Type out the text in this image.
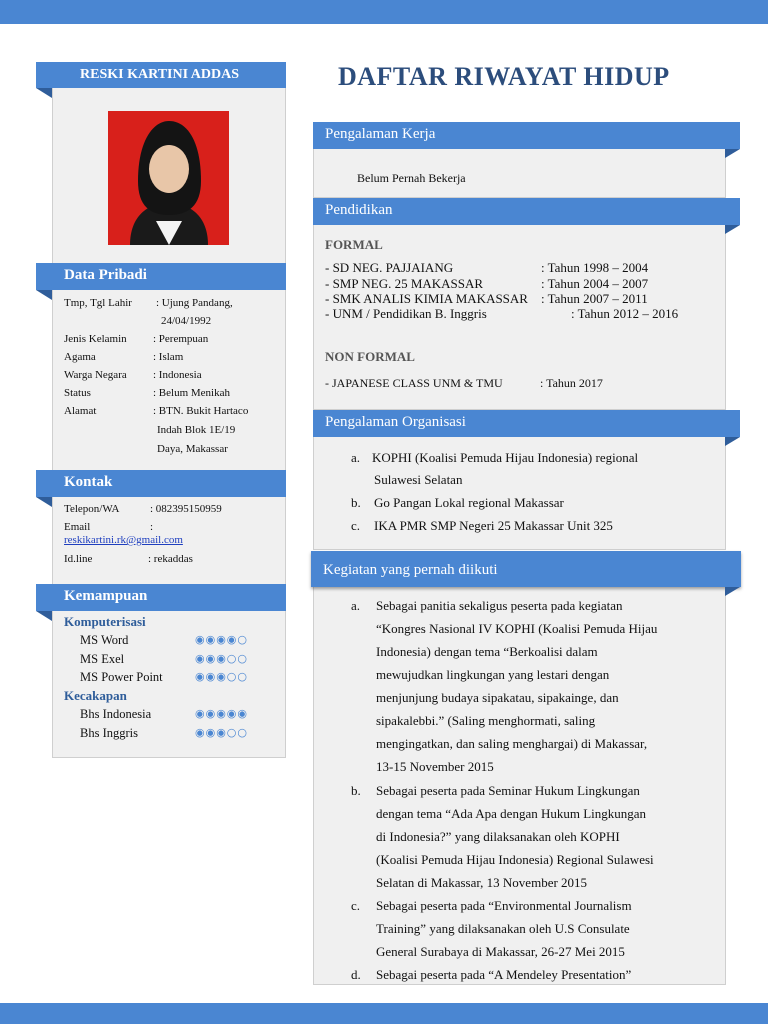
RESKI KARTINI ADDAS
Data Pribadi
Tmp, Tgl Lahir : Ujung Pandang,
24/04/1992
Jenis Kelamin : Perempuan
Agama	: Islam
Warga Negara : Indonesia
Status	: Belum Menikah
Alamat	: BTN. Bukit Hartaco
Indah Blok 1E/19
Daya, Makassar
Kontak
Telepon/WA	: 082395150959
Email	:
reskikartini.rk@gmail.com
Id.line	: rekaddas
Kemampuan
Komputerisasi
MS Word	◉◉◉◉○
MS Exel	◉◉◉○○
MS Power Point	◉◉◉○○
Kecakapan
Bhs Indonesia	◉◉◉◉◉
Bhs Inggris	◉◉◉○○
DAFTAR RIWAYAT HIDUP
Pengalaman Kerja
Belum Pernah Bekerja
Pendidikan
FORMAL
- SD NEG. PAJJAIANG	: Tahun 1998 – 2004
- SMP NEG. 25 MAKASSAR	: Tahun 2004 – 2007
- SMK ANALIS KIMIA MAKASSAR : Tahun 2007 – 2011
- UNM / Pendidikan B. Inggris	: Tahun 2012 – 2016
NON FORMAL
- JAPANESE CLASS UNM & TMU	: Tahun 2017
Pengalaman Organisasi
a. KOPHI (Koalisi Pemuda Hijau Indonesia) regional
Sulawesi Selatan
b. Go Pangan Lokal regional Makassar
c. IKA PMR SMP Negeri 25 Makassar Unit 325
Kegiatan yang pernah diikuti
a. Sebagai panitia sekaligus peserta pada kegiatan
“Kongres Nasional IV KOPHI (Koalisi Pemuda Hijau
Indonesia) dengan tema “Berkoalisi dalam
mewujudkan lingkungan yang lestari dengan
menjunjung budaya sipakatau, sipakainge, dan
sipakalebbi.” (Saling menghormati, saling
mengingatkan, dan saling menghargai) di Makassar,
13-15 November 2015
b. Sebagai peserta pada Seminar Hukum Lingkungan
dengan tema “Ada Apa dengan Hukum Lingkungan
di Indonesia?” yang dilaksanakan oleh KOPHI
(Koalisi Pemuda Hijau Indonesia) Regional Sulawesi
Selatan di Makassar, 13 November 2015
c. Sebagai peserta pada “Environmental Journalism
Training” yang dilaksanakan oleh U.S Consulate
General Surabaya di Makassar, 26-27 Mei 2015
d. Sebagai peserta pada “A Mendeley Presentation”
